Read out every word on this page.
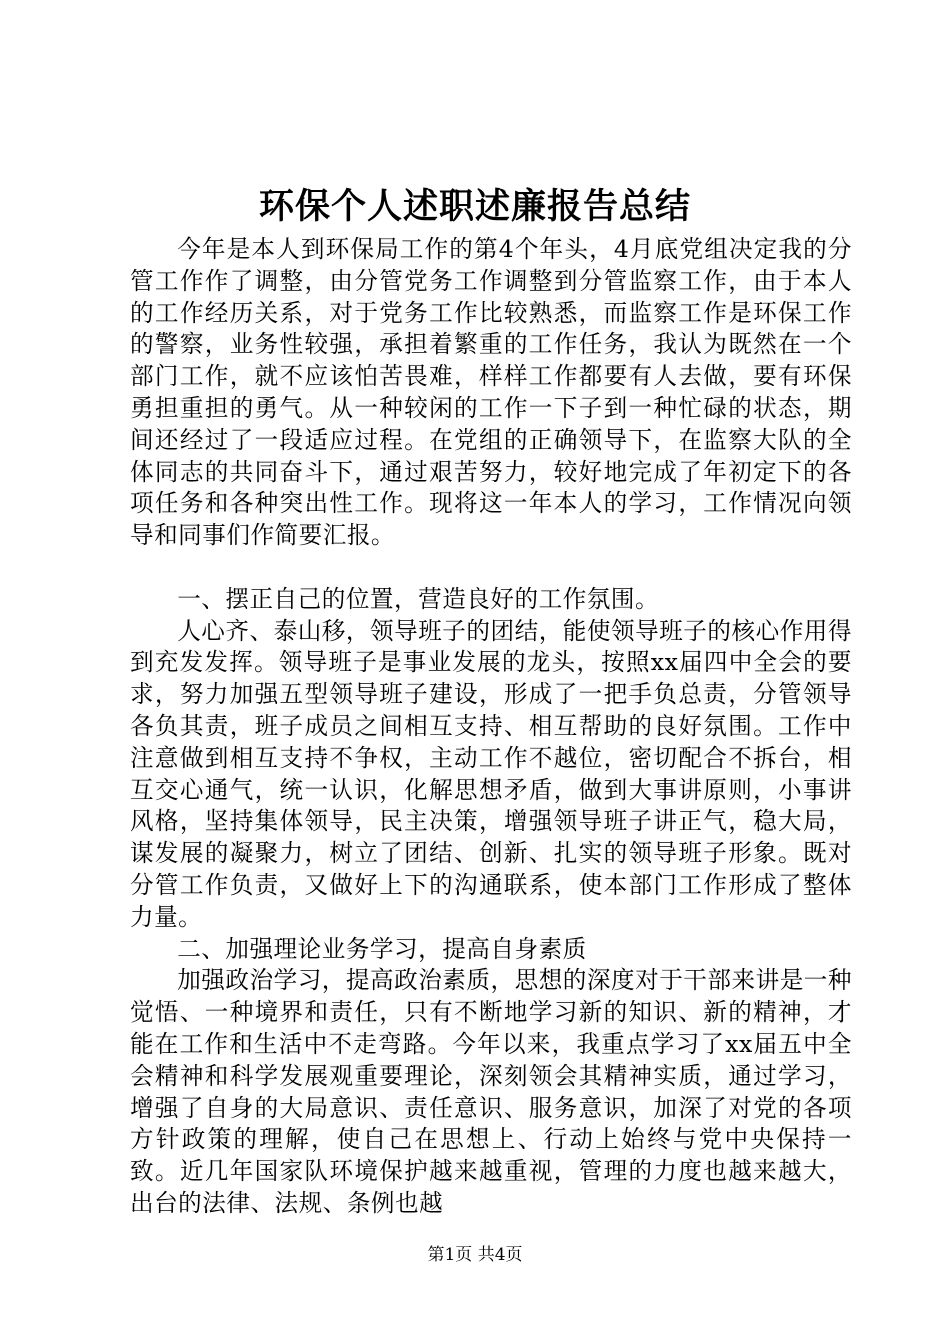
环保个人述职述廉报告总结

今年是本人到环保局工作的第4个年头，4月底党组决定我的分管工作作了调整，由分管党务工作调整到分管监察工作，由于本人的工作经历关系，对于党务工作比较熟悉，而监察工作是环保工作的警察，业务性较强，承担着繁重的工作任务，我认为既然在一个部门工作，就不应该怕苦畏难，样样工作都要有人去做，要有环保勇担重担的勇气。从一种较闲的工作一下子到一种忙碌的状态，期间还经过了一段适应过程。在党组的正确领导下，在监察大队的全体同志的共同奋斗下，通过艰苦努力，较好地完成了年初定下的各项任务和各种突出性工作。现将这一年本人的学习，工作情况向领导和同事们作简要汇报。

一、摆正自己的位置，营造良好的工作氛围。

人心齐、泰山移，领导班子的团结，能使领导班子的核心作用得到充发发挥。领导班子是事业发展的龙头，按照xx届四中全会的要求，努力加强五型领导班子建设，形成了一把手负总责，分管领导各负其责，班子成员之间相互支持、相互帮助的良好氛围。工作中注意做到相互支持不争权，主动工作不越位，密切配合不拆台，相互交心通气，统一认识，化解思想矛盾，做到大事讲原则，小事讲风格，坚持集体领导，民主决策，增强领导班子讲正气，稳大局，谋发展的凝聚力，树立了团结、创新、扎实的领导班子形象。既对分管工作负责，又做好上下的沟通联系，使本部门工作形成了整体力量。

二、加强理论业务学习，提高自身素质

加强政治学习，提高政治素质，思想的深度对于干部来讲是一种觉悟、一种境界和责任，只有不断地学习新的知识、新的精神，才能在工作和生活中不走弯路。今年以来，我重点学习了xx届五中全会精神和科学发展观重要理论，深刻领会其精神实质，通过学习，增强了自身的大局意识、责任意识、服务意识，加深了对党的各项方针政策的理解，使自己在思想上、行动上始终与党中央保持一致。近几年国家队环境保护越来越重视，管理的力度也越来越大，出台的法律、法规、条例也越

第1页 共4页
